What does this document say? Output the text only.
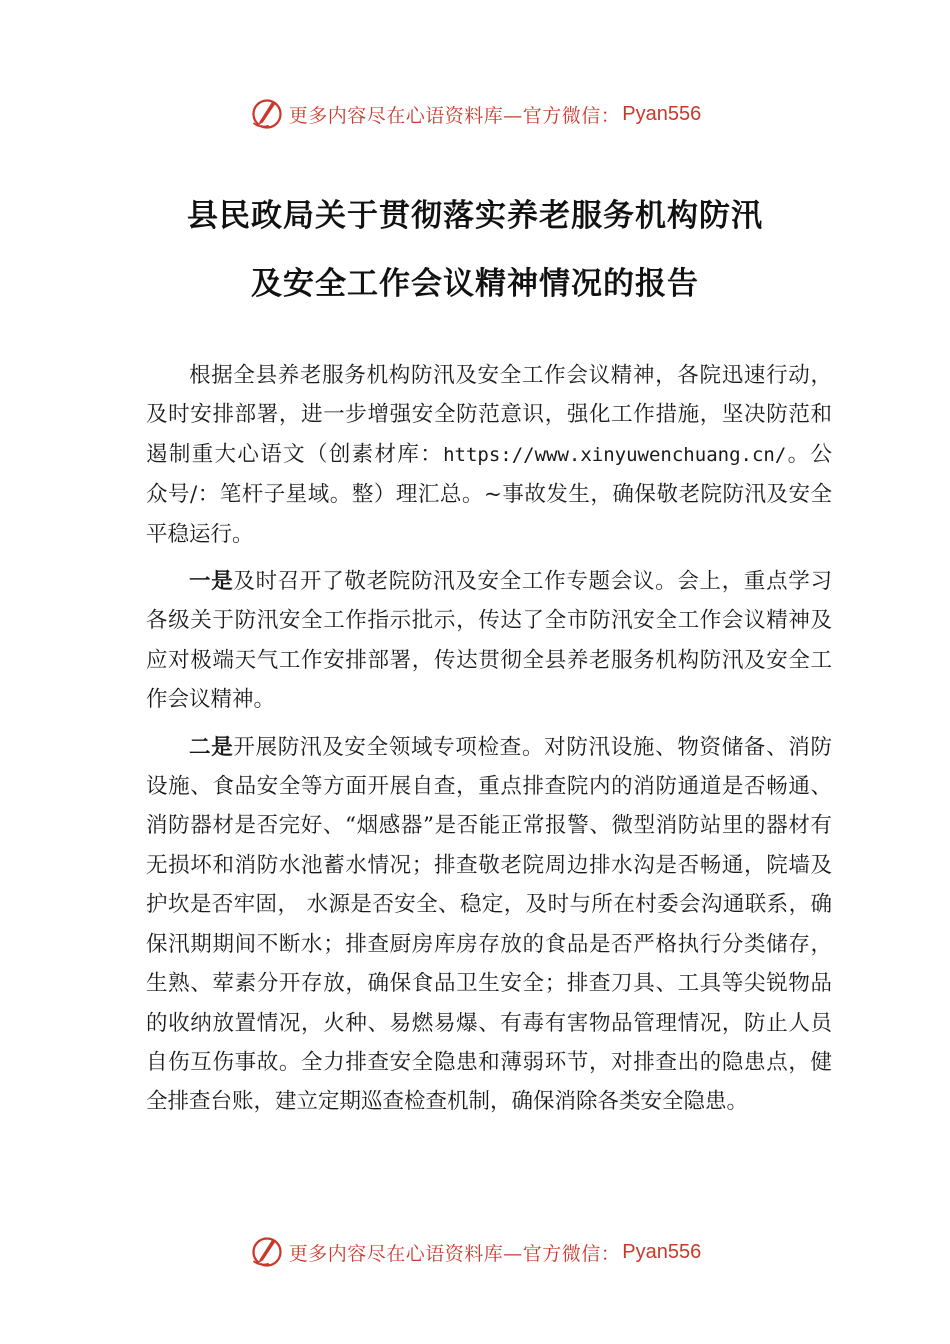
更多内容尽在心语资料库—官方微信： Pyan556
县民政局关于贯彻落实养老服务机构防汛
及安全工作会议精神情况的报告

根据全县养老服务机构防汛及安全工作会议精神，各院迅速行动，及时安排部署，进一步增强安全防范意识，强化工作措施，坚决防范和遏制重大心语文（创素材库：https://www.xinyuwenchuang.cn/。公众号/：笔杆子星域。整）理汇总。~事故发生，确保敬老院防汛及安全平稳运行。

一是及时召开了敬老院防汛及安全工作专题会议。会上，重点学习各级关于防汛安全工作指示批示，传达了全市防汛安全工作会议精神及应对极端天气工作安排部署，传达贯彻全县养老服务机构防汛及安全工作会议精神。

二是开展防汛及安全领域专项检查。对防汛设施、物资储备、消防设施、食品安全等方面开展自查，重点排查院内的消防通道是否畅通、消防器材是否完好、“烟感器”是否能正常报警、微型消防站里的器材有无损坏和消防水池蓄水情况；排查敬老院周边排水沟是否畅通，院墙及护坎是否牢固， 水源是否安全、稳定，及时与所在村委会沟通联系，确保汛期期间不断水；排查厨房库房存放的食品是否严格执行分类储存，生熟、荤素分开存放，确保食品卫生安全；排查刀具、工具等尖锐物品的收纳放置情况，火种、易燃易爆、有毒有害物品管理情况，防止人员自伤互伤事故。全力排查安全隐患和薄弱环节，对排查出的隐患点，健全排查台账，建立定期巡查检查机制，确保消除各类安全隐患。

更多内容尽在心语资料库—官方微信： Pyan556
